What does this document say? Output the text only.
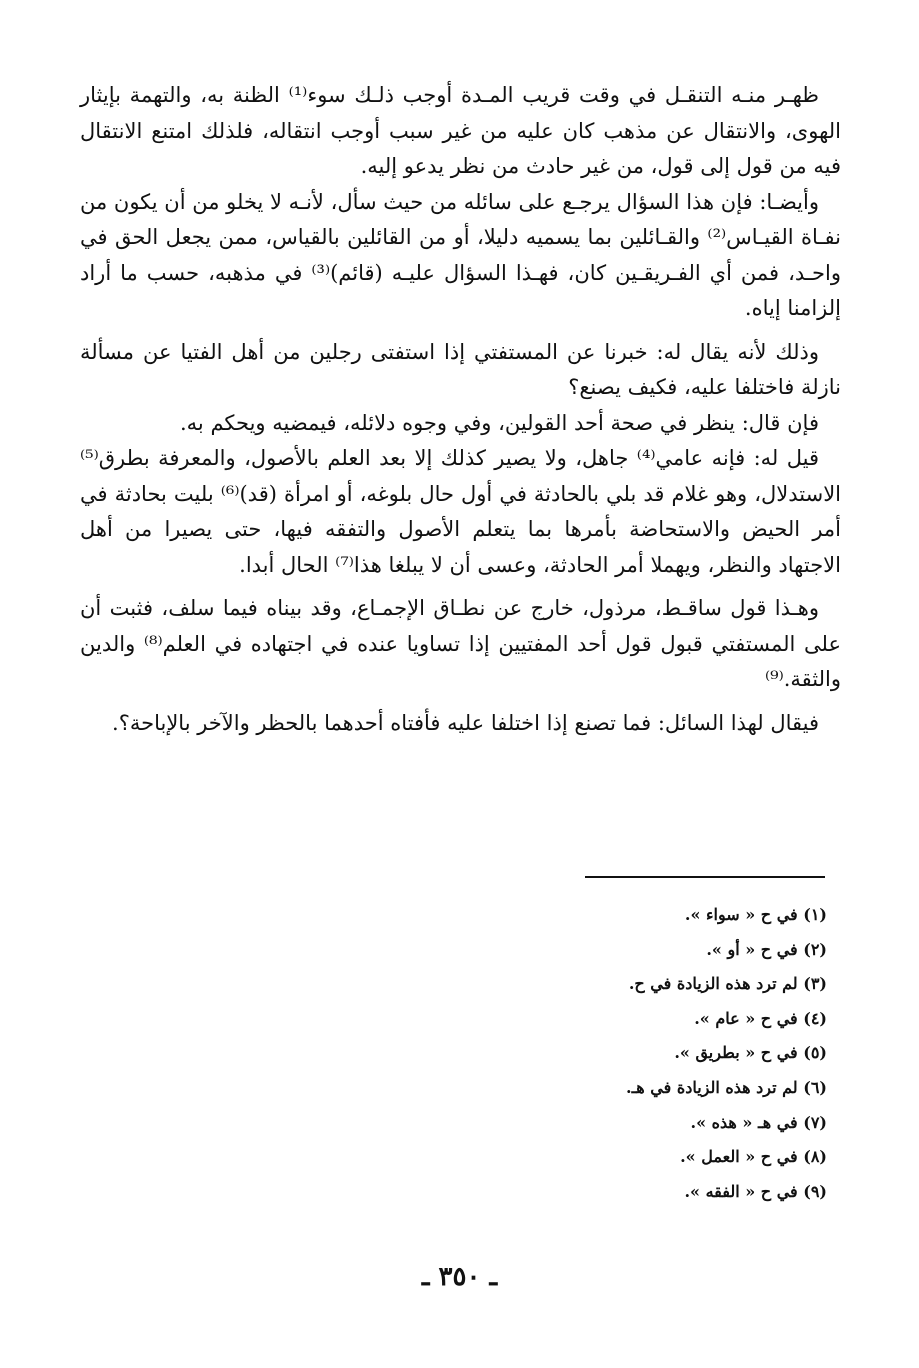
ظهـر منـه التنقـل في وقت قريب المـدة أوجب ذلـك سوء⁽¹⁾ الظنة به، والتهمة بإيثار الهوى، والانتقال عن مذهب كان عليه من غير سبب أوجب انتقاله، فلذلك امتنع الانتقال فيه من قول إلى قول، من غير حادث من نظر يدعو إليه.

وأيضـا: فإن هذا السؤال يرجـع على سائله من حيث سأل، لأنـه لا يخلو من أن يكون من نفـاة القيـاس⁽²⁾ والقـائلين بما يسميه دليلا، أو من القائلين بالقياس، ممن يجعل الحق في واحـد، فمن أي الفـريقـين كان، فهـذا السؤال عليـه (قائم)⁽³⁾ في مذهبه، حسب ما أراد إلزامنا إياه.

وذلك لأنه يقال له: خبرنا عن المستفتي إذا استفتى رجلين من أهل الفتيا عن مسألة نازلة فاختلفا عليه، فكيف يصنع؟

فإن قال: ينظر في صحة أحد القولين، وفي وجوه دلائله، فيمضيه ويحكم به.

قيل له: فإنه عامي⁽⁴⁾ جاهل، ولا يصير كذلك إلا بعد العلم بالأصول، والمعرفة بطرق⁽⁵⁾ الاستدلال، وهو غلام قد بلي بالحادثة في أول حال بلوغه، أو امرأة (قد)⁽⁶⁾ بليت بحادثة في أمر الحيض والاستحاضة بأمرها بما يتعلم الأصول والتفقه فيها، حتى يصيرا من أهل الاجتهاد والنظر، ويهملا أمر الحادثة، وعسى أن لا يبلغا هذا⁽⁷⁾ الحال أبدا.

وهـذا قول ساقـط، مرذول، خارج عن نطـاق الإجمـاع، وقد بيناه فيما سلف، فثبت أن على المستفتي قبول قول أحد المفتيين إذا تساويا عنده في اجتهاده في العلم⁽⁸⁾ والدين والثقة.⁽⁹⁾

فيقال لهذا السائل: فما تصنع إذا اختلفا عليه فأفتاه أحدهما بالحظر والآخر بالإباحة؟.

(١) في ح « سواء ».

(٢) في ح « أو ».

(٣) لم ترد هذه الزيادة في ح.

(٤) في ح « عام ».

(٥) في ح « بطريق ».

(٦) لم ترد هذه الزيادة في هـ.

(٧) في هـ « هذه ».

(٨) في ح « العمل ».

(٩) في ح « الفقه ».

ـ ٣٥٠ ـ
